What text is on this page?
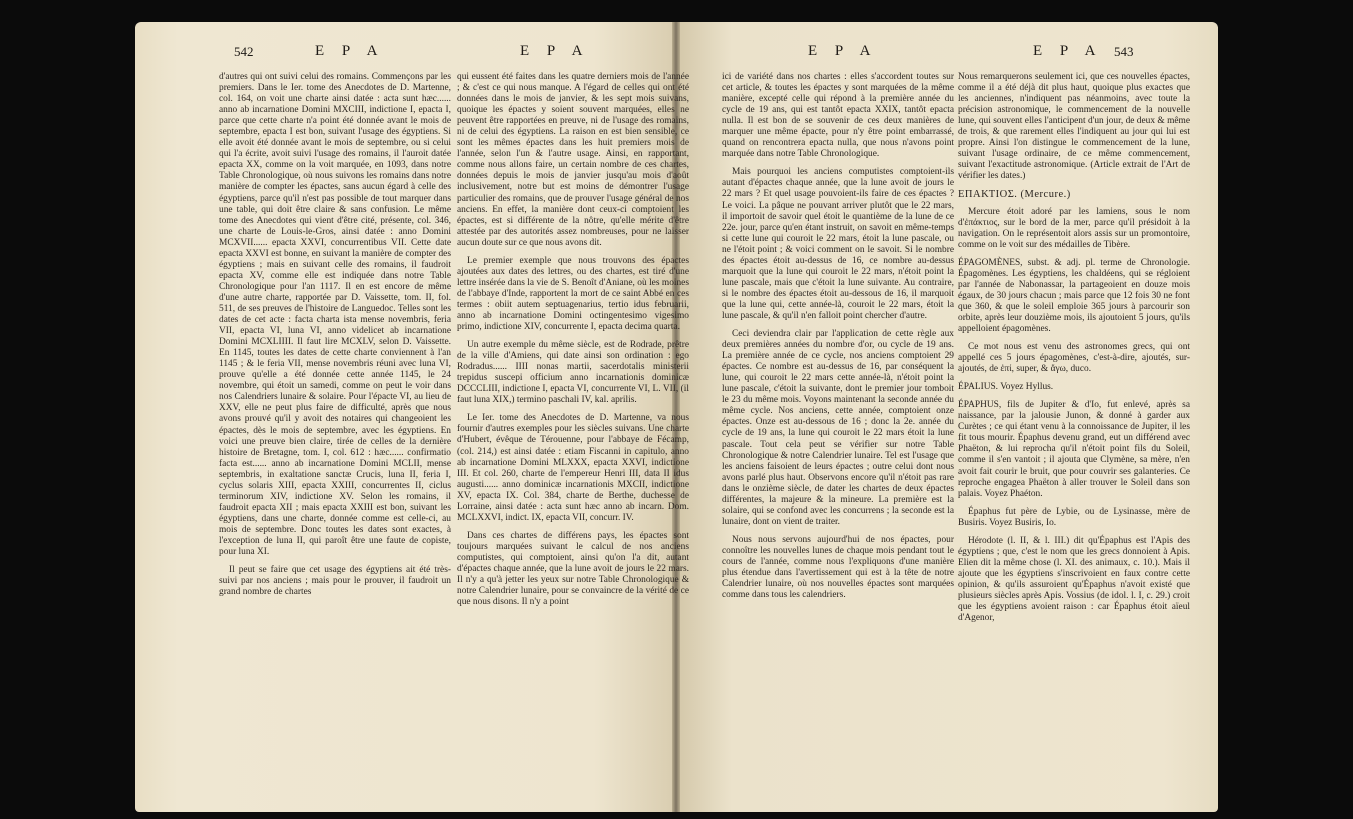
542	E P A	E P A	E P A	E P A 543

d'autres qui ont suivi celui des romains. Commençons par les premiers. Dans le Ier. tome des Anecdotes de D. Martenne, col. 164, on voit une charte ainsi datée : acta sunt hæc...... anno ab incarnatione Domini MXCIII, indictione I, epacta I, parce que cette charte n'a point été donnée avant le mois de septembre, epacta I est bon, suivant l'usage des égyptiens. Si elle avoit été donnée avant le mois de septembre, ou si celui qui l'a écrite, avoit suivi l'usage des romains, il l'auroit datée epacta XX, comme on la voit marquée, en 1093, dans notre Table Chronologique, où nous suivons les romains dans notre manière de compter les épactes, sans aucun égard à celle des égyptiens, parce qu'il n'est pas possible de tout marquer dans une table, qui doit être claire & sans confusion. Le même tome des Anecdotes qui vient d'être cité, présente, col. 346, une charte de Louis-le-Gros, ainsi datée : anno Domini MCXVII...... epacta XXVI, concurrentibus VII. Cette date epacta XXVI est bonne, en suivant la manière de compter des égyptiens ; mais en suivant celle des romains, il faudroit epacta XV, comme elle est indiquée dans notre Table Chronologique pour l'an 1117. Il en est encore de même d'une autre charte, rapportée par D. Vaissette, tom. II, fol. 511, de ses preuves de l'histoire de Languedoc. Telles sont les dates de cet acte : facta charta ista mense novembris, feria VII, epacta VI, luna VI, anno videlicet ab incarnatione Domini MCXLIIII. Il faut lire MCXLV, selon D. Vaissette. En 1145, toutes les dates de cette charte conviennent à l'an 1145 ; & le feria VII, mense novembris réuni avec luna VI, prouve qu'elle a été donnée cette année 1145, le 24 novembre, qui étoit un samedi, comme on peut le voir dans nos Calendriers lunaire & solaire. Pour l'épacte VI, au lieu de XXV, elle ne peut plus faire de difficulté, après que nous avons prouvé qu'il y avoit des notaires qui changeoient les épactes, dès le mois de septembre, avec les égyptiens. En voici une preuve bien claire, tirée de celles de la dernière histoire de Bretagne, tom. I, col. 612 : hæc...... confirmatio facta est...... anno ab incarnatione Domini MCLII, mense septembris, in exaltatione sanctæ Crucis, luna II, feria I, cyclus solaris XIII, epacta XXIII, concurrentes II, ciclus terminorum XIV, indictione XV. Selon les romains, il faudroit epacta XII ; mais epacta XXIII est bon, suivant les égyptiens, dans une charte, donnée comme est celle-ci, au mois de septembre. Donc toutes les dates sont exactes, à l'exception de luna II, qui paroît être une faute de copiste, pour luna XI.

Il peut se faire que cet usage des égyptiens ait été très-suivi par nos anciens ; mais pour le prouver, il faudroit un grand nombre de chartes

qui eussent été faites dans les quatre derniers mois de l'année ; & c'est ce qui nous manque. A l'égard de celles qui ont été données dans le mois de janvier, & les sept mois suivans, quoique les épactes y soient souvent marquées, elles ne peuvent être rapportées en preuve, ni de l'usage des romains, ni de celui des égyptiens. La raison en est bien sensible, ce sont les mêmes épactes dans les huit premiers mois de l'année, selon l'un & l'autre usage. Ainsi, en rapportant, comme nous allons faire, un certain nombre de ces chartes, données depuis le mois de janvier jusqu'au mois d'août inclusivement, notre but est moins de démontrer l'usage particulier des romains, que de prouver l'usage général de nos anciens. En effet, la manière dont ceux-ci comptoient les épactes, est si différente de la nôtre, qu'elle mérite d'être attestée par des autorités assez nombreuses, pour ne laisser aucun doute sur ce que nous avons dit.

Le premier exemple que nous trouvons des épactes ajoutées aux dates des lettres, ou des chartes, est tiré d'une lettre insérée dans la vie de S. Benoît d'Aniane, où les moines de l'abbaye d'Inde, rapportent la mort de ce saint Abbé en ces termes : obiit autem septuagenarius, tertio idus februarii, anno ab incarnatione Domini octingentesimo vigesimo primo, indictione XIV, concurrente I, epacta decima quarta.

Un autre exemple du même siècle, est de Rodrade, prêtre de la ville d'Amiens, qui date ainsi son ordination : ego Rodradus...... IIII nonas martii, sacerdotalis ministerii trepidus suscepi officium anno incarnationis dominicæ DCCCLIII, indictione I, epacta VI, concurrente VI, L. VII, (il faut luna XIX,) termino paschali IV, kal. aprilis.

Le Ier. tome des Anecdotes de D. Martenne, va nous fournir d'autres exemples pour les siècles suivans. Une charte d'Hubert, évêque de Térouenne, pour l'abbaye de Fécamp, (col. 214,) est ainsi datée : etiam Fiscanni in capitulo, anno ab incarnatione Domini MLXXX, epacta XXVI, indictione III. Et col. 260, charte de l'empereur Henri III, data II idus augusti...... anno dominicæ incarnationis MXCII, indictione XV, epacta IX. Col. 384, charte de Berthe, duchesse de Lorraine, ainsi datée : acta sunt hæc anno ab incarn. Dom. MCLXXVI, indict. IX, epacta VII, concurr. IV.

Dans ces chartes de différens pays, les épactes sont toujours marquées suivant le calcul de nos anciens computistes, qui comptoient, ainsi qu'on l'a dit, autant d'épactes chaque année, que la lune avoit de jours le 22 mars. Il n'y a qu'à jetter les yeux sur notre Table Chronologique & notre Calendrier lunaire, pour se convaincre de la vérité de ce que nous disons. Il n'y a point

ici de variété dans nos chartes : elles s'accordent toutes sur cet article, & toutes les épactes y sont marquées de la même manière, excepté celle qui répond à la première année du cycle de 19 ans, qui est tantôt epacta XXIX, tantôt epacta nulla. Il est bon de se souvenir de ces deux manières de marquer une même épacte, pour n'y être point embarrassé, quand on rencontrera epacta nulla, que nous n'avons point marquée dans notre Table Chronologique.

Mais pourquoi les anciens computistes comptoient-ils autant d'épactes chaque année, que la lune avoit de jours le 22 mars ? Et quel usage pouvoient-ils faire de ces épactes ? Le voici. La pâque ne pouvant arriver plutôt que le 22 mars, il importoit de savoir quel étoit le quantième de la lune de ce 22e. jour, parce qu'en étant instruit, on savoit en même-temps si cette lune qui couroit le 22 mars, étoit la lune pascale, ou ne l'étoit point ; & voici comment on le savoit. Si le nombre des épactes étoit au-dessus de 16, ce nombre au-dessus marquoit que la lune qui couroit le 22 mars, n'étoit point la lune pascale, mais que c'étoit la lune suivante. Au contraire, si le nombre des épactes étoit au-dessous de 16, il marquoit que la lune qui, cette année-là, couroit le 22 mars, étoit la lune pascale, & qu'il n'en falloit point chercher d'autre.

Ceci deviendra clair par l'application de cette règle aux deux premières années du nombre d'or, ou cycle de 19 ans. La première année de ce cycle, nos anciens comptoient 29 épactes. Ce nombre est au-dessus de 16, par conséquent la lune, qui couroit le 22 mars cette année-là, n'étoit point la lune pascale, c'étoit la suivante, dont le premier jour tomboit le 23 du même mois. Voyons maintenant la seconde année du même cycle. Nos anciens, cette année, comptoient onze épactes. Onze est au-dessous de 16 ; donc la 2e. année du cycle de 19 ans, la lune qui couroit le 22 mars étoit la lune pascale. Tout cela peut se vérifier sur notre Table Chronologique & notre Calendrier lunaire. Tel est l'usage que les anciens faisoient de leurs épactes ; outre celui dont nous avons parlé plus haut. Observons encore qu'il n'étoit pas rare dans le onzième siècle, de dater les chartes de deux épactes différentes, la majeure & la mineure. La première est la solaire, qui se confond avec les concurrens ; la seconde est la lunaire, dont on vient de traiter.

Nous nous servons aujourd'hui de nos épactes, pour connoître les nouvelles lunes de chaque mois pendant tout le cours de l'année, comme nous l'expliquons d'une manière plus étendue dans l'avertissement qui est à la tête de notre Calendrier lunaire, où nos nouvelles épactes sont marquées comme dans tous les calendriers.

Nous remarquerons seulement ici, que ces nouvelles épactes, comme il a été déjà dit plus haut, quoique plus exactes que les anciennes, n'indiquent pas néanmoins, avec toute la précision astronomique, le commencement de la nouvelle lune, qui souvent elles l'anticipent d'un jour, de deux & même de trois, & que rarement elles l'indiquent au jour qui lui est propre. Ainsi l'on distingue le commencement de la lune, suivant l'usage ordinaire, de ce même commencement, suivant l'exactitude astronomique. (Article extrait de l'Art de vérifier les dates.)

ΕΠΑΚΤΙΟΣ. (Mercure.)

Mercure étoit adoré par les lamiens, sous le nom d'ἐπάκτιος, sur le bord de la mer, parce qu'il présidoit à la navigation. On le représentoit alors assis sur un promontoire, comme on le voit sur des médailles de Tibère.

ÉPAGOMÈNES, subst. & adj. pl. terme de Chronologie. Épagomènes. Les égyptiens, les chaldéens, qui se régloient par l'année de Nabonassar, la partageoient en douze mois égaux, de 30 jours chacun ; mais parce que 12 fois 30 ne font que 360, & que le soleil emploie 365 jours à parcourir son orbite, après leur douzième mois, ils ajoutoient 5 jours, qu'ils appelloient épagomènes.

Ce mot nous est venu des astronomes grecs, qui ont appellé ces 5 jours épagomènes, c'est-à-dire, ajoutés, sur-ajoutés, de ἐπί, super, & ἄγω, duco.

ÉPALIUS. Voyez Hyllus.

ÉPAPHUS, fils de Jupiter & d'Io, fut enlevé, après sa naissance, par la jalousie Junon, & donné à garder aux Curètes ; ce qui étant venu à la connoissance de Jupiter, il les fit tous mourir. Épaphus devenu grand, eut un différend avec Phaëton, & lui reprocha qu'il n'étoit point fils du Soleil, comme il s'en vantoit ; il ajouta que Clymène, sa mère, n'en avoit fait courir le bruit, que pour couvrir ses galanteries. Ce reproche engagea Phaëton à aller trouver le Soleil dans son palais. Voyez Phaéton.

Épaphus fut père de Lybie, ou de Lysinasse, mère de Busiris. Voyez Busiris, Io.

Hérodote (l. II, & l. III.) dit qu'Épaphus est l'Apis des égyptiens ; que, c'est le nom que les grecs donnoient à Apis. Elien dit la même chose (l. XI. des animaux, c. 10.). Mais il ajoute que les égyptiens s'inscrivoient en faux contre cette opinion, & qu'ils assuroient qu'Épaphus n'avoit existé que plusieurs siècles après Apis. Vossius (de idol. l. I, c. 29.) croit que les égyptiens avoient raison : car Épaphus étoit aïeul d'Agenor,
